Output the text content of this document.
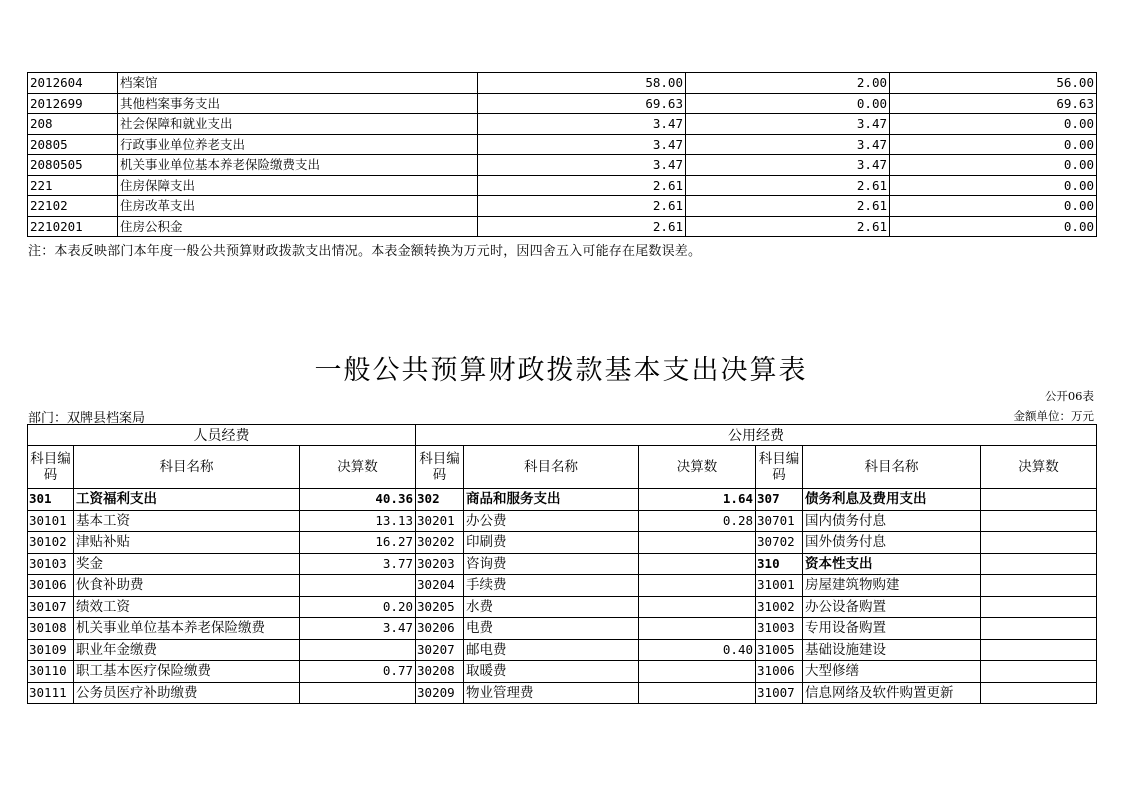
2012604	档案馆	58.00	2.00	56.00
2012699	其他档案事务支出	69.63	0.00	69.63
208	社会保障和就业支出	3.47	3.47	0.00
20805	行政事业单位养老支出	3.47	3.47	0.00
2080505	机关事业单位基本养老保险缴费支出	3.47	3.47	0.00
221	住房保障支出	2.61	2.61	0.00
22102	住房改革支出	2.61	2.61	0.00
2210201	住房公积金	2.61	2.61	0.00
注：本表反映部门本年度一般公共预算财政拨款支出情况。本表金额转换为万元时，因四舍五入可能存在尾数误差。
一般公共预算财政拨款基本支出决算表
公开06表
部门：双牌县档案局	金额单位：万元
人员经费			公用经费					
科目编码	科目名称	决算数	科目编码	科目名称	决算数	科目编码	科目名称	决算数
301	工资福利支出	40.36	302	商品和服务支出	1.64	307	债务利息及费用支出	
30101	基本工资	13.13	30201	办公费	0.28	30701	国内债务付息	
30102	津贴补贴	16.27	30202	印刷费		30702	国外债务付息	
30103	奖金	3.77	30203	咨询费		310	资本性支出	
30106	伙食补助费		30204	手续费		31001	房屋建筑物购建	
30107	绩效工资	0.20	30205	水费		31002	办公设备购置	
30108	机关事业单位基本养老保险缴费	3.47	30206	电费		31003	专用设备购置	
30109	职业年金缴费		30207	邮电费	0.40	31005	基础设施建设	
30110	职工基本医疗保险缴费	0.77	30208	取暖费		31006	大型修缮	
30111	公务员医疗补助缴费		30209	物业管理费		31007	信息网络及软件购置更新	
